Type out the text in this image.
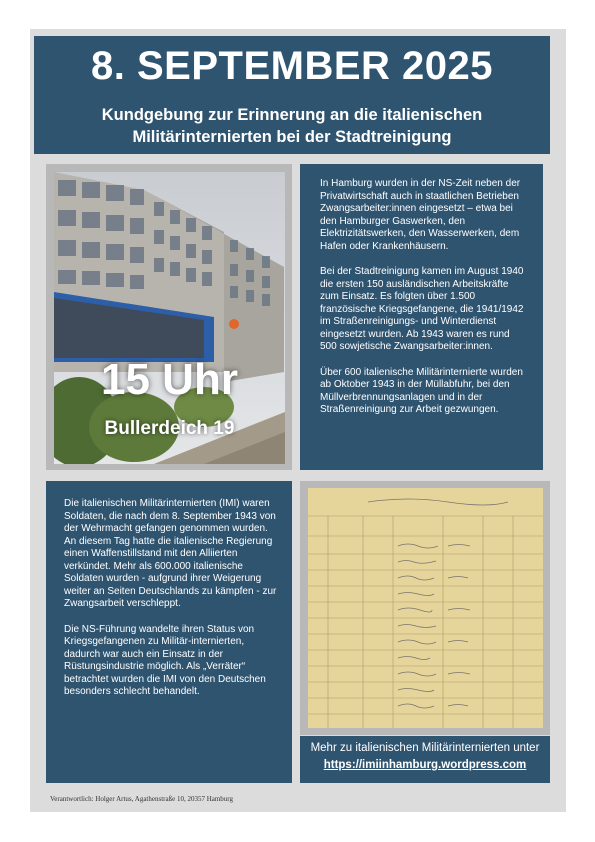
8. SEPTEMBER 2025
Kundgebung zur Erinnerung an die italienischen
Militärinternierten bei der Stadtreinigung
15 Uhr
Bullerdeich 19

In Hamburg wurden in der NS-Zeit neben der Privatwirtschaft auch in staatlichen Betrieben Zwangsarbeiter:innen eingesetzt – etwa bei den Hamburger Gaswerken, den Elektrizitätswerken, den Wasserwerken, dem Hafen oder Krankenhäusern.

Bei der Stadtreinigung kamen im August 1940 die ersten 150 ausländischen Arbeitskräfte zum Einsatz. Es folgten über 1.500 französische Kriegsgefangene, die 1941/1942 im Straßenreinigungs- und Winterdienst eingesetzt wurden. Ab 1943 waren es rund 500 sowjetische Zwangsarbeiter:innen.

Über 600 italienische Militärinternierte wurden ab Oktober 1943 in der Müllabfuhr, bei den Müllverbrennungsanlagen und in der Straßenreinigung zur Arbeit gezwungen.

Die italienischen Militärinternierten (IMI) waren Soldaten, die nach dem 8. September 1943 von der Wehrmacht gefangen genommen wurden. An diesem Tag hatte die italienische Regierung einen Waffenstillstand mit den Alliierten verkündet. Mehr als 600.000 italienische Soldaten wurden - aufgrund ihrer Weigerung weiter an Seiten Deutschlands zu kämpfen - zur Zwangsarbeit verschleppt.

Die NS-Führung wandelte ihren Status von Kriegsgefangenen zu Militär-internierten, dadurch war auch ein Einsatz in der Rüstungsindustrie möglich. Als „Verräter“ betrachtet wurden die IMI von den Deutschen besonders schlecht behandelt.

Mehr zu italienischen Militärinternierten unter
https://imiinhamburg.wordpress.com
Verantwortlich: Holger Artus, Agathenstraße 10, 20357 Hamburg
